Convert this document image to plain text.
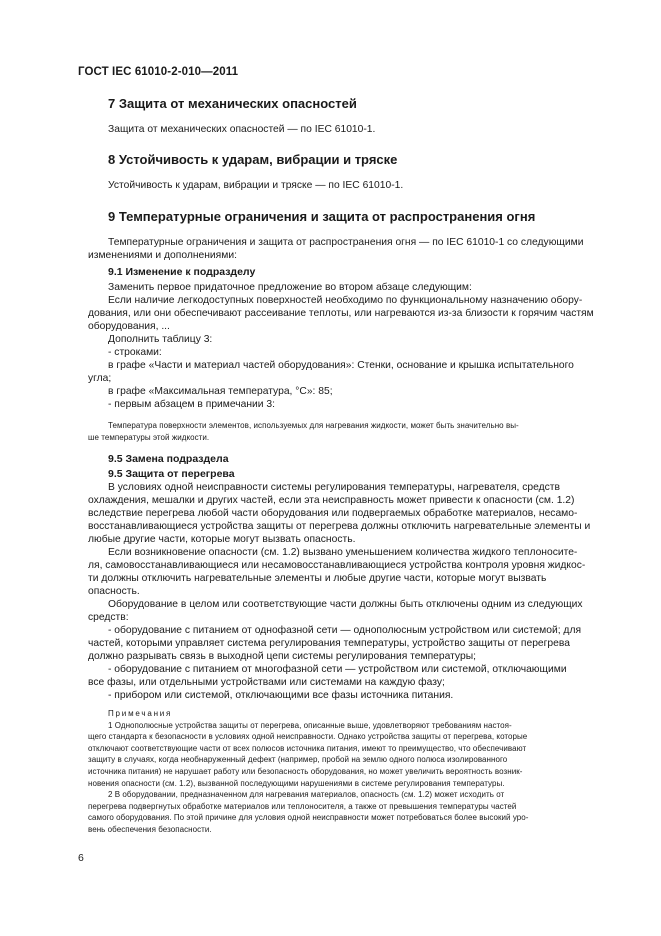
ГОСТ IEC 61010-2-010—2011
7 Защита от механических опасностей
Защита от механических опасностей — по IEC 61010-1.
8 Устойчивость к ударам, вибрации и тряске
Устойчивость к ударам, вибрации и тряске — по IEC 61010-1.
9 Температурные ограничения и защита от распространения огня
Температурные ограничения и защита от распространения огня — по IEC 61010-1 со следующими
изменениями и дополнениями:
9.1 Изменение к подразделу
Заменить первое придаточное предложение во втором абзаце следующим:
Если наличие легкодоступных поверхностей необходимо по функциональному назначению обору-
дования, или они обеспечивают рассеивание теплоты, или нагреваются из-за близости к горячим частям
оборудования, ...
Дополнить таблицу 3:
- строками:
в графе «Части и материал частей оборудования»: Стенки, основание и крышка испытательного
угла;
в графе «Максимальная температура, °С»: 85;
- первым абзацем в примечании 3:
Температура поверхности элементов, используемых для нагревания жидкости, может быть значительно вы-
ше температуры этой жидкости.
9.5 Замена подраздела
9.5 Защита от перегрева
В условиях одной неисправности системы регулирования температуры, нагревателя, средств
охлаждения, мешалки и других частей, если эта неисправность может привести к опасности (см. 1.2)
вследствие перегрева любой части оборудования или подвергаемых обработке материалов, несамо-
восстанавливающиеся устройства защиты от перегрева должны отключить нагревательные элементы и
любые другие части, которые могут вызвать опасность.
Если возникновение опасности (см. 1.2) вызвано уменьшением количества жидкого теплоносите-
ля, самовосстанавливающиеся или несамовосстанавливающиеся устройства контроля уровня жидкос-
ти должны отключить нагревательные элементы и любые другие части, которые могут вызвать
опасность.
Оборудование в целом или соответствующие части должны быть отключены одним из следующих
средств:
- оборудование с питанием от однофазной сети — однополюсным устройством или системой; для
частей, которыми управляет система регулирования температуры, устройство защиты от перегрева
должно разрывать связь в выходной цепи системы регулирования температуры;
- оборудование с питанием от многофазной сети — устройством или системой, отключающими
все фазы, или отдельными устройствами или системами на каждую фазу;
- прибором или системой, отключающими все фазы источника питания.
Примечания
1 Однополюсные устройства защиты от перегрева, описанные выше, удовлетворяют требованиям настоя-
щего стандарта к безопасности в условиях одной неисправности. Однако устройства защиты от перегрева, которые
отключают соответствующие части от всех полюсов источника питания, имеют то преимущество, что обеспечивают
защиту в случаях, когда необнаруженный дефект (например, пробой на землю одного полюса изолированного
источника питания) не нарушает работу или безопасность оборудования, но может увеличить вероятность возник-
новения опасности (см. 1.2), вызванной последующими нарушениями в системе регулирования температуры.
2 В оборудовании, предназначенном для нагревания материалов, опасность (см. 1.2) может исходить от
перегрева подвергнутых обработке материалов или теплоносителя, а также от превышения температуры частей
самого оборудования. По этой причине для условия одной неисправности может потребоваться более высокий уро-
вень обеспечения безопасности.
6
